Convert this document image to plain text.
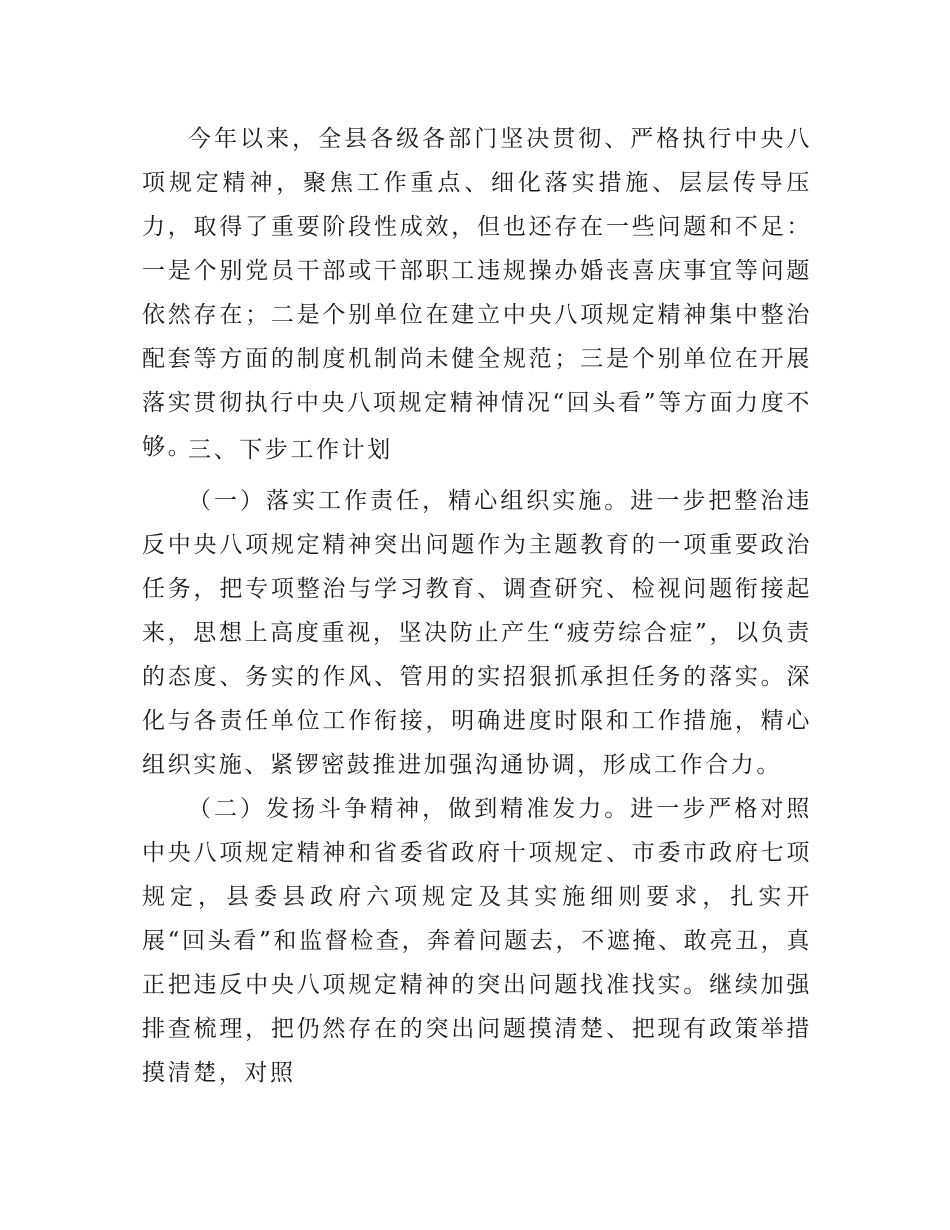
今年以来，全县各级各部门坚决贯彻、严格执行中央八项规定精神，聚焦工作重点、细化落实措施、层层传导压力，取得了重要阶段性成效，但也还存在一些问题和不足：一是个别党员干部或干部职工违规操办婚丧喜庆事宜等问题依然存在；二是个别单位在建立中央八项规定精神集中整治配套等方面的制度机制尚未健全规范；三是个别单位在开展落实贯彻执行中央八项规定精神情况“回头看”等方面力度不够。

三、下步工作计划

（一）落实工作责任，精心组织实施。进一步把整治违反中央八项规定精神突出问题作为主题教育的一项重要政治任务，把专项整治与学习教育、调查研究、检视问题衔接起来，思想上高度重视，坚决防止产生“疲劳综合症”，以负责的态度、务实的作风、管用的实招狠抓承担任务的落实。深化与各责任单位工作衔接，明确进度时限和工作措施，精心组织实施、紧锣密鼓推进加强沟通协调，形成工作合力。

（二）发扬斗争精神，做到精准发力。进一步严格对照中央八项规定精神和省委省政府十项规定、市委市政府七项规定，县委县政府六项规定及其实施细则要求，扎实开展“回头看”和监督检查，奔着问题去，不遮掩、敢亮丑，真正把违反中央八项规定精神的突出问题找准找实。继续加强排查梳理，把仍然存在的突出问题摸清楚、把现有政策举措摸清楚，对照
